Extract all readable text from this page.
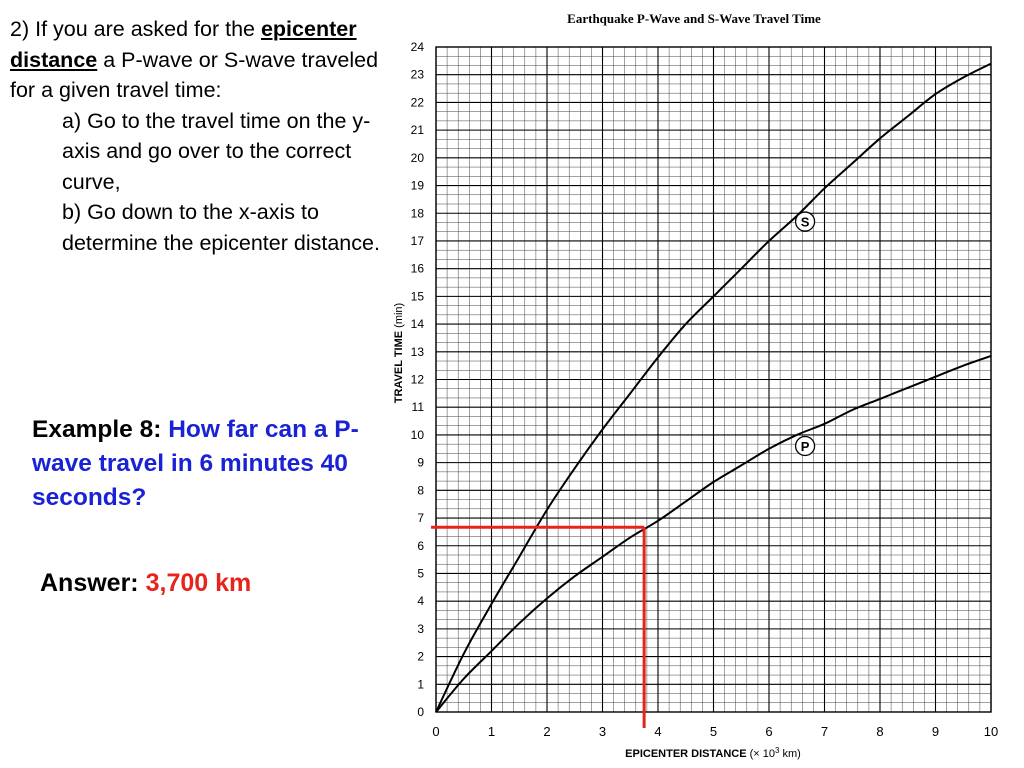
2) If you are asked for the epicenter distance a P-wave or S-wave traveled for a given travel time:

a) Go to the travel time on the y-axis and go over to the correct curve,

b) Go down to the x-axis to determine the epicenter distance.

Example 8: How far can a P-wave travel in 6 minutes 40 seconds?
Answer: 3,700 km
Earthquake P-Wave and S-Wave Travel Time
0	1	2	3	4	5	6	7	8	9	10
0
1
2
3
4
5
6
7
8
9
10
11
12
13
14
15
16
17
18
19
20
21
22
23
24
S
P
TRAVEL TIME (min)
EPICENTER DISTANCE (× $10^3$ km)
